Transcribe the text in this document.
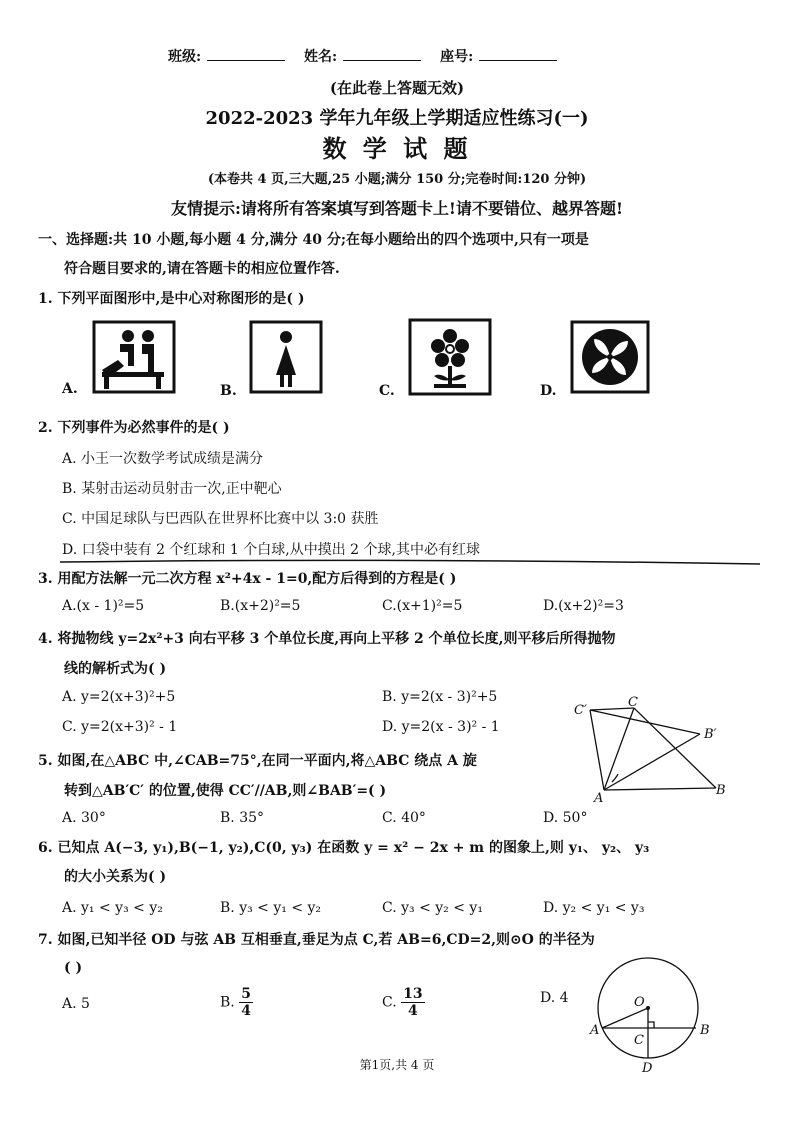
班级:	姓名:	座号:
(在此卷上答题无效)
2022-2023 学年九年级上学期适应性练习(一)
数 学 试 题
(本卷共 4 页,三大题,25 小题;满分 150 分;完卷时间:120 分钟)
友情提示:请将所有答案填写到答题卡上!请不要错位、越界答题!
一、选择题:共 10 小题,每小题 4 分,满分 40 分;在每小题给出的四个选项中,只有一项是
符合题目要求的,请在答题卡的相应位置作答.
1. 下列平面图形中,是中心对称图形的是( )
A.	B.	C.	D.
2. 下列事件为必然事件的是( )
A. 小王一次数学考试成绩是满分
B. 某射击运动员射击一次,正中靶心
C. 中国足球队与巴西队在世界杯比赛中以 3:0 获胜
D. 口袋中装有 2 个红球和 1 个白球,从中摸出 2 个球,其中必有红球
3. 用配方法解一元二次方程 x²+4x - 1=0,配方后得到的方程是( )
A.(x - 1)²=5	B.(x+2)²=5	C.(x+1)²=5	D.(x+2)²=3
4. 将抛物线 y=2x²+3 向右平移 3 个单位长度,再向上平移 2 个单位长度,则平移后所得抛物
线的解析式为( )
A. y=2(x+3)²+5	B. y=2(x - 3)²+5
C. y=2(x+3)² - 1	D. y=2(x - 3)² - 1
C′
C
B′
A
B
5. 如图,在△ABC 中,∠CAB=75°,在同一平面内,将△ABC 绕点 A 旋
转到△AB′C′ 的位置,使得 CC′//AB,则∠BAB′=( )
A. 30°	B. 35°	C. 40°	D. 50°
6. 已知点 A(−3, y₁),B(−1, y₂),C(0, y₃) 在函数 y = x² − 2x + m 的图象上,则 y₁、 y₂、 y₃
的大小关系为( )
A. y₁ < y₃ < y₂	B. y₃ < y₁ < y₂	C. y₃ < y₂ < y₁	D. y₂ < y₁ < y₃
7. 如图,已知半径 OD 与弦 AB 互相垂直,垂足为点 C,若 AB=6,CD=2,则⊙O 的半径为
( )
A. 5	B. $\frac{5}{4}$	C. $\frac{13}{4}$	D. 4	O
A	B
C
D
第1页,共 4 页
